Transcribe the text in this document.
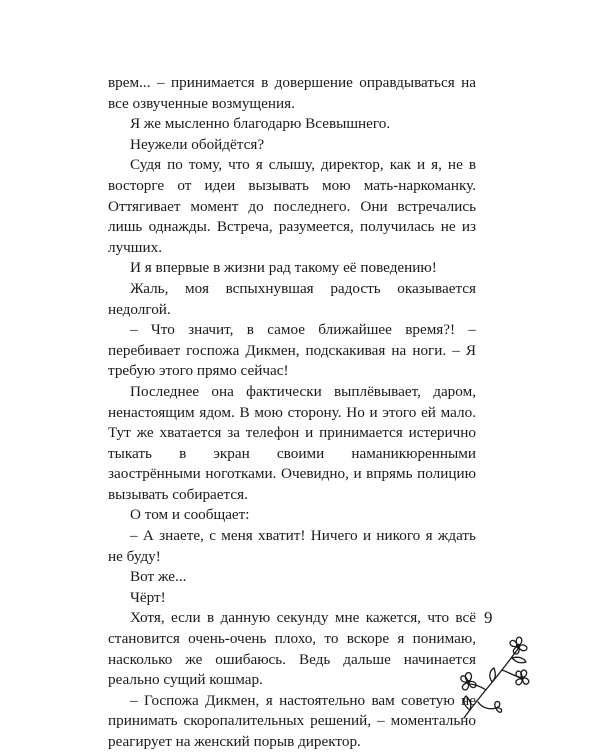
врем... – принимается в довершение оправдываться на все озвученные возмущения.

Я же мысленно благодарю Всевышнего.

Неужели обойдётся?

Судя по тому, что я слышу, директор, как и я, не в восторге от идеи вызывать мою мать-наркоманку. Оттягивает момент до последнего. Они встречались лишь однажды. Встреча, разумеется, получилась не из лучших.

И я впервые в жизни рад такому её поведению!

Жаль, моя вспыхнувшая радость оказывается недолгой.

– Что значит, в самое ближайшее время?! – перебивает госпожа Дикмен, подскакивая на ноги. – Я требую этого прямо сейчас!

Последнее она фактически выплёвывает, даром, ненастоящим ядом. В мою сторону. Но и этого ей мало. Тут же хватается за телефон и принимается истерично тыкать в экран своими наманикюренными заострёнными ноготками. Очевидно, и впрямь полицию вызывать собирается.

О том и сообщает:

– А знаете, с меня хватит! Ничего и никого я ждать не буду!

Вот же...

Чёрт!

Хотя, если в данную секунду мне кажется, что всё становится очень-очень плохо, то вскоре я понимаю, насколько же ошибаюсь. Ведь дальше начинается реально сущий кошмар.

– Госпожа Дикмен, я настоятельно вам советую не принимать скоропалительных решений, – моментально реагирует на женский порыв директор.

9
